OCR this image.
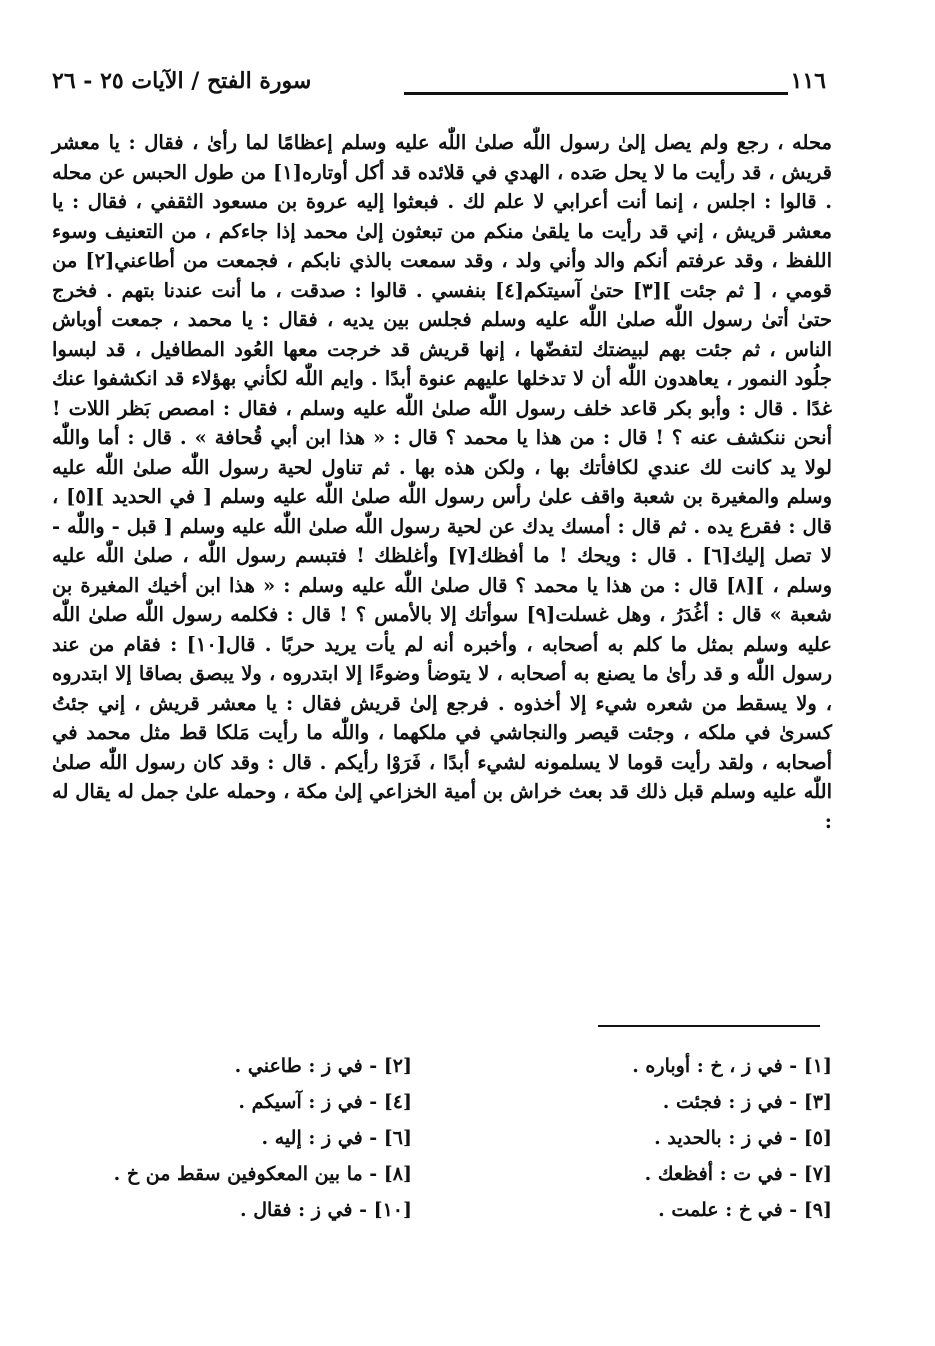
١١٦
سورة الفتح / الآيات ٢٥ - ٢٦

محله ، رجع ولم يصل إلىٰ رسول اللّٰه صلىٰ اللّٰه عليه وسلم إعظامًا لما رأىٰ ، فقال : يا معشر قريش ، قد رأيت ما لا يحل صَده ، الهدي في قلائده قد أكل أوتاره[١] من طول الحبس عن محله . قالوا : اجلس ، إنما أنت أعرابي لا علم لك . فبعثوا إليه عروة بن مسعود الثقفي ، فقال : يا معشر قريش ، إني قد رأيت ما يلقىٰ منكم من تبعثون إلىٰ محمد إذا جاءكم ، من التعنيف وسوء اللفظ ، وقد عرفتم أنكم والد وأني ولد ، وقد سمعت بالذي نابكم ، فجمعت من أطاعني[٢] من قومي ، [ ثم جئت ][٣] حتىٰ آسيتكم[٤] بنفسي . قالوا : صدقت ، ما أنت عندنا بتهم . فخرج حتىٰ أتىٰ رسول اللّٰه صلىٰ اللّٰه عليه وسلم فجلس بين يديه ، فقال : يا محمد ، جمعت أوباش الناس ، ثم جئت بهم لبيضتك لتفضّها ، إنها قريش قد خرجت معها العُود المطافيل ، قد لبسوا جلُود النمور ، يعاهدون اللّٰه أن لا تدخلها عليهم عنوة أبدًا . وايم اللّٰه لكأني بهؤلاء قد انكشفوا عنك غدًا . قال : وأبو بكر قاعد خلف رسول اللّٰه صلىٰ اللّٰه عليه وسلم ، فقال : امصص بَظر اللات ! أنحن ننكشف عنه ؟ ! قال : من هذا يا محمد ؟ قال : « هذا ابن أبي قُحافة » . قال : أما واللّٰه لولا يد كانت لك عندي لكافأتك بها ، ولكن هذه بها . ثم تناول لحية رسول اللّٰه صلىٰ اللّٰه عليه وسلم والمغيرة بن شعبة واقف علىٰ رأس رسول اللّٰه صلىٰ اللّٰه عليه وسلم [ في الحديد ][٥] ، قال : فقرع يده . ثم قال : أمسك يدك عن لحية رسول اللّٰه صلىٰ اللّٰه عليه وسلم [ قبل - واللّٰه - لا تصل إليك[٦] . قال : ويحك ! ما أفظك[٧] وأغلظك ! فتبسم رسول اللّٰه ، صلىٰ اللّٰه عليه وسلم ، ][٨] قال : من هذا يا محمد ؟ قال صلىٰ اللّٰه عليه وسلم : « هذا ابن أخيك المغيرة بن شعبة » قال : أغُدَرُ ، وهل غسلت[٩] سوأتك إلا بالأمس ؟ ! قال : فكلمه رسول اللّٰه صلىٰ اللّٰه عليه وسلم بمثل ما كلم به أصحابه ، وأخبره أنه لم يأت يريد حربًا . قال[١٠] : فقام من عند رسول اللّٰه و قد رأىٰ ما يصنع به أصحابه ، لا يتوضأ وضوءًا إلا ابتدروه ، ولا يبصق بصاقا إلا ابتدروه ، ولا يسقط من شعره شيء إلا أخذوه . فرجع إلىٰ قريش فقال : يا معشر قريش ، إني جئتُ كسرىٰ في ملكه ، وجئت قيصر والنجاشي في ملكهما ، واللّٰه ما رأيت مَلكا قط مثل محمد في أصحابه ، ولقد رأيت قوما لا يسلمونه لشيء أبدًا ، فَرَوْا رأيكم . قال : وقد كان رسول اللّٰه صلىٰ اللّٰه عليه وسلم قبل ذلك قد بعث خراش بن أمية الخزاعي إلىٰ مكة ، وحمله علىٰ جمل له يقال له :

[١] - في ز ، خ : أوباره .
[٣] - في ز : فجئت .
[٥] - في ز : بالحديد .
[٧] - في ت : أفظعك .
[٩] - في خ : علمت .
[٢] - في ز : طاعني .
[٤] - في ز : آسيكم .
[٦] - في ز : إليه .
[٨] - ما بين المعكوفين سقط من خ .
[١٠] - في ز : فقال .
